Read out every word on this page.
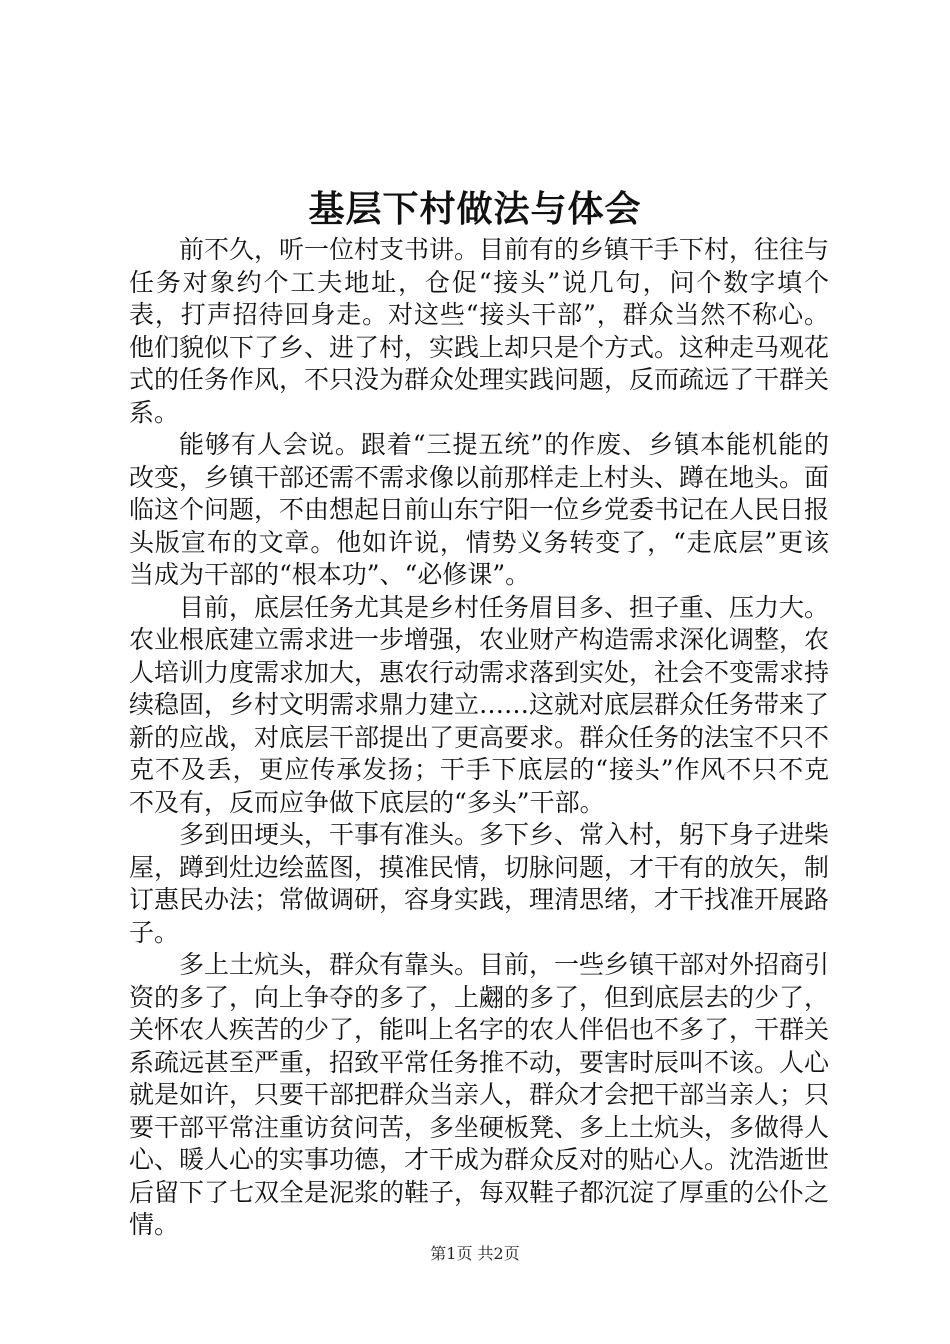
基层下村做法与体会

前不久，听一位村支书讲。目前有的乡镇干手下村，往往与任务对象约个工夫地址，仓促“接头”说几句，问个数字填个表，打声招待回身走。对这些“接头干部”，群众当然不称心。他们貌似下了乡、进了村，实践上却只是个方式。这种走马观花式的任务作风，不只没为群众处理实践问题，反而疏远了干群关系。

能够有人会说。跟着“三提五统”的作废、乡镇本能机能的改变，乡镇干部还需不需求像以前那样走上村头、蹲在地头。面临这个问题，不由想起日前山东宁阳一位乡党委书记在人民日报头版宣布的文章。他如许说，情势义务转变了，“走底层”更该当成为干部的“根本功”、“必修课”。

目前，底层任务尤其是乡村任务眉目多、担子重、压力大。农业根底建立需求进一步增强，农业财产构造需求深化调整，农人培训力度需求加大，惠农行动需求落到实处，社会不变需求持续稳固，乡村文明需求鼎力建立……这就对底层群众任务带来了新的应战，对底层干部提出了更高要求。群众任务的法宝不只不克不及丢，更应传承发扬；干手下底层的“接头”作风不只不克不及有，反而应争做下底层的“多头”干部。

多到田埂头，干事有准头。多下乡、常入村，躬下身子进柴屋，蹲到灶边绘蓝图，摸准民情，切脉问题，才干有的放矢，制订惠民办法；常做调研，容身实践，理清思绪，才干找准开展路子。

多上土炕头，群众有靠头。目前，一些乡镇干部对外招商引资的多了，向上争夺的多了，上翽的多了，但到底层去的少了，关怀农人疾苦的少了，能叫上名字的农人伴侣也不多了，干群关系疏远甚至严重，招致平常任务推不动，要害时辰叫不该。人心就是如许，只要干部把群众当亲人，群众才会把干部当亲人；只要干部平常注重访贫问苦，多坐硬板凳、多上土炕头，多做得人心、暖人心的实事功德，才干成为群众反对的贴心人。沈浩逝世后留下了七双全是泥浆的鞋子，每双鞋子都沉淀了厚重的公仆之情。

第1页 共2页
